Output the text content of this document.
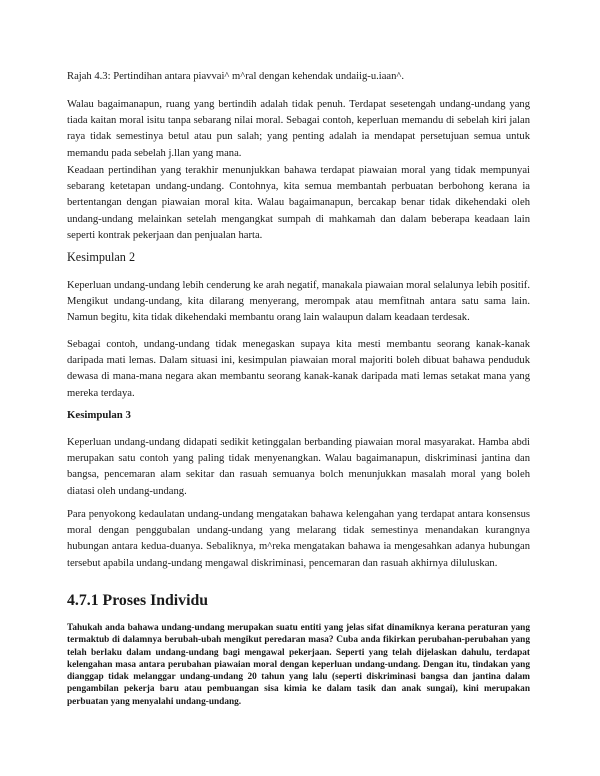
Rajah 4.3: Pertindihan antara piavvai^ m^ral dengan kehendak undaiig-u.iaan^.

Walau bagaimanapun, ruang yang bertindih adalah tidak penuh. Terdapat sesetengah undang-undang yang tiada kaitan moral isitu tanpa sebarang nilai moral. Sebagai contoh, keperluan memandu di sebelah kiri jalan raya tidak semestinya betul atau pun salah; yang penting adalah ia mendapat persetujuan semua untuk memandu pada sebelah j.llan yang mana.

Keadaan pertindihan yang terakhir menunjukkan bahawa terdapat piawaian moral yang tidak mempunyai sebarang ketetapan undang-undang. Contohnya, kita semua membantah perbuatan berbohong kerana ia bertentangan dengan piawaian moral kita. Walau bagaimanapun, bercakap benar tidak dikehendaki oleh undang-undang melainkan setelah mengangkat sumpah di mahkamah dan dalam beberapa keadaan lain seperti kontrak pekerjaan dan penjualan harta.

Kesimpulan 2

Keperluan undang-undang lebih cenderung ke arah negatif, manakala piawaian moral selalunya lebih positif. Mengikut undang-undang, kita dilarang menyerang, merompak atau memfitnah antara satu sama lain. Namun begitu, kita tidak dikehendaki membantu orang lain walaupun dalam keadaan terdesak.

Sebagai contoh, undang-undang tidak menegaskan supaya kita mesti membantu seorang kanak-kanak daripada mati lemas. Dalam situasi ini, kesimpulan piawaian moral majoriti boleh dibuat bahawa penduduk dewasa di mana-mana negara akan membantu seorang kanak-kanak daripada mati lemas setakat mana yang mereka terdaya.

Kesimpulan 3

Keperluan undang-undang didapati sedikit ketinggalan berbanding piawaian moral masyarakat. Hamba abdi merupakan satu contoh yang paling tidak menyenangkan. Walau bagaimanapun, diskriminasi jantina dan bangsa, pencemaran alam sekitar dan rasuah semuanya bolch menunjukkan masalah moral yang boleh diatasi oleh undang-undang.

Para penyokong kedaulatan undang-undang mengatakan bahawa kelengahan yang terdapat antara konsensus moral dengan penggubalan undang-undang yang melarang tidak semestinya menandakan kurangnya hubungan antara kedua-duanya. Sebaliknya, m^reka mengatakan bahawa ia mengesahkan adanya hubungan tersebut apabila undang-undang mengawal diskriminasi, pencemaran dan rasuah akhirnya diluluskan.

4.7.1 Proses Individu

Tahukah anda bahawa undang-undang merupakan suatu entiti yang jelas sifat dinamiknya kerana peraturan yang termaktub di dalamnya berubah-ubah mengikut peredaran masa? Cuba anda fikirkan perubahan-perubahan yang telah berlaku dalam undang-undang bagi mengawal pekerjaan. Seperti yang telah dijelaskan dahulu, terdapat kelengahan masa antara perubahan piawaian moral dengan keperluan undang-undang. Dengan itu, tindakan yang dianggap tidak melanggar undang-undang 20 tahun yang lalu (seperti diskriminasi bangsa dan jantina dalam pengambilan pekerja baru atau pembuangan sisa kimia ke dalam tasik dan anak sungai), kini merupakan perbuatan yang menyalahi undang-undang.
